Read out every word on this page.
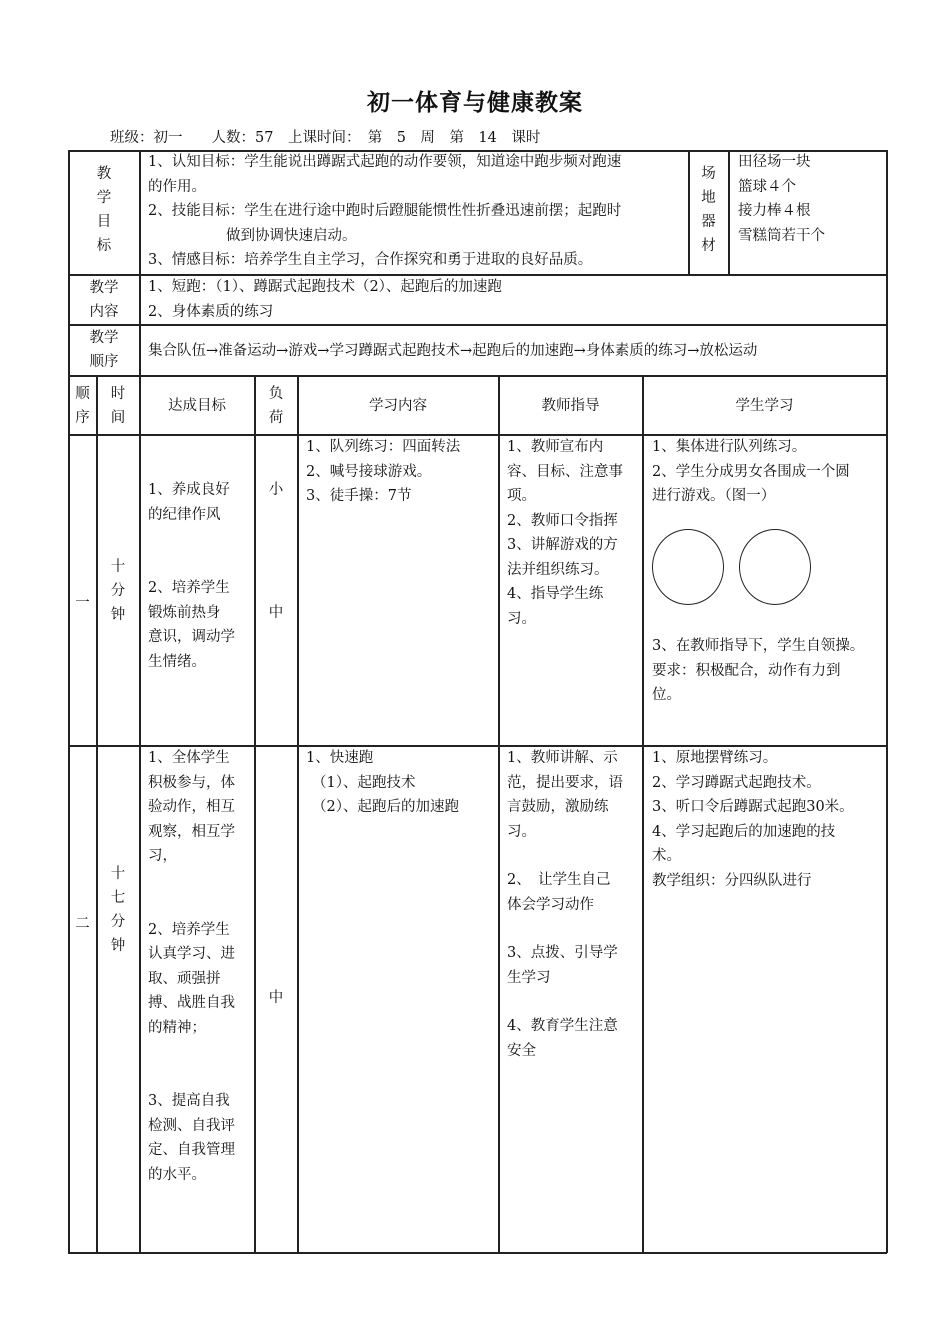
初一体育与健康教案
班级：初一　　 人数：57　 上课时间：　 第　5　周　 第　14　课时
教
学
目
标
1、认知目标：学生能说出蹲踞式起跑的动作要领，知道途中跑步频对跑速
的作用。
2、技能目标：学生在进行途中跑时后蹬腿能惯性性折叠迅速前摆；起跑时
做到协调快速启动。
3、情感目标：培养学生自主学习，合作探究和勇于进取的良好品质。
场
地
器
材
田径场一块
篮球４个
接力棒４根
雪糕筒若干个
教学
内容
1、短跑：（1）、蹲踞式起跑技术（2）、起跑后的加速跑
2、身体素质的练习
教学
顺序
集合队伍→准备运动→游戏→学习蹲踞式起跑技术→起跑后的加速跑→身体素质的练习→放松运动
顺
序
时
间
达成目标
负
荷
学习内容	教师指导	学生学习
一
十
分
钟
1、养成良好
的纪律作风
2、培养学生
锻炼前热身
意识，调动学
生情绪。
小
中
1、队列练习：四面转法
2、喊号接球游戏。
3、徒手操：7节
1、教师宣布内
容、目标、注意事
项。
2、教师口令指挥
3、讲解游戏的方
法并组织练习。
4、指导学生练
习。
1、集体进行队列练习。
2、学生分成男女各围成一个圆
进行游戏。（图一）
3、在教师指导下，学生自领操。
要求：积极配合，动作有力到
位。
二
十
七
分
钟
1、全体学生
积极参与，体
验动作，相互
观察，相互学
习，
2、培养学生
认真学习、进
取、顽强拼
搏、战胜自我
的精神；
3、提高自我
检测、自我评
定、自我管理
的水平。
中
1、快速跑
（1）、起跑技术
（2）、起跑后的加速跑
1、教师讲解、示
范，提出要求，语
言鼓励，激励练
习。
2、　让学生自己
体会学习动作
3、点拨、引导学
生学习
4、教育学生注意
安全
1、原地摆臂练习。
2、学习蹲踞式起跑技术。
3、听口令后蹲踞式起跑30米。
4、学习起跑后的加速跑的技
术。
教学组织：分四纵队进行
